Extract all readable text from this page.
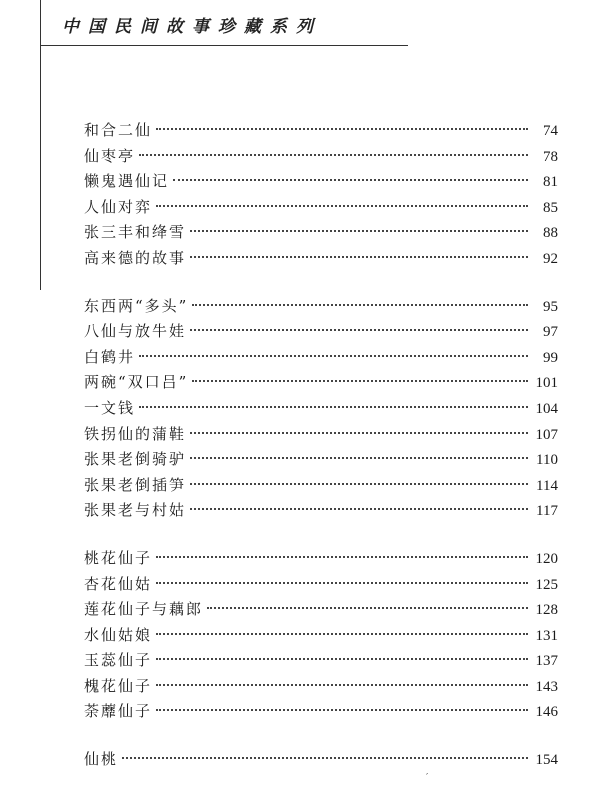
中国民间故事珍藏系列
和合二仙	74
仙枣亭	78
懒鬼遇仙记	81
人仙对弈	85
张三丰和绛雪	88
高来德的故事	92
东西两“多头”	95
八仙与放牛娃	97
白鹤井	99
两碗“双口吕”	101
一文钱	104
铁拐仙的蒲鞋	107
张果老倒骑驴	110
张果老倒插笋	114
张果老与村姑	117
桃花仙子	120
杏花仙姑	125
莲花仙子与藕郎	128
水仙姑娘	131
玉蕊仙子	137
槐花仙子	143
荼蘼仙子	146
仙桃	154
′
